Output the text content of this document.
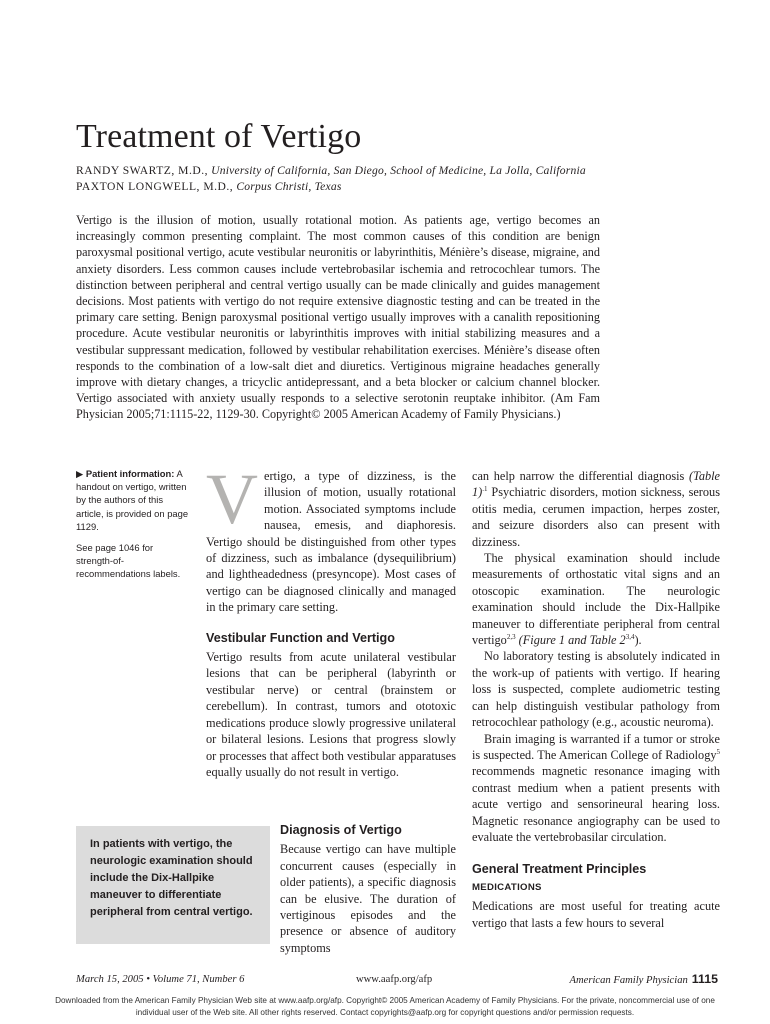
Treatment of Vertigo
RANDY SWARTZ, M.D., University of California, San Diego, School of Medicine, La Jolla, California
PAXTON LONGWELL, M.D., Corpus Christi, Texas

Vertigo is the illusion of motion, usually rotational motion. As patients age, vertigo becomes an increasingly common presenting complaint. The most common causes of this condition are benign paroxysmal positional vertigo, acute vestibular neuronitis or labyrinthitis, Ménière’s disease, migraine, and anxiety disorders. Less common causes include vertebrobasilar ischemia and retrocochlear tumors. The distinction between peripheral and central vertigo usually can be made clinically and guides management decisions. Most patients with vertigo do not require extensive diagnostic testing and can be treated in the primary care setting. Benign paroxysmal positional vertigo usually improves with a canalith repositioning procedure. Acute vestibular neuronitis or labyrinthitis improves with initial stabilizing measures and a vestibular suppressant medication, followed by vestibular rehabilitation exercises. Ménière’s disease often responds to the combination of a low-salt diet and diuretics. Vertiginous migraine headaches generally improve with dietary changes, a tricyclic antidepressant, and a beta blocker or calcium channel blocker. Vertigo associated with anxiety usually responds to a selective serotonin reuptake inhibitor. (Am Fam Physician 2005;71:1115-22, 1129-30. Copyright© 2005 American Academy of Family Physicians.)

▶ Patient information: A handout on vertigo, written by the authors of this article, is provided on page 1129.

See page 1046 for strength-of-recommendations labels.

Vertigo, a type of dizziness, is the illusion of motion, usually rotational motion. Associated symptoms include nausea, emesis, and diaphoresis. Vertigo should be distinguished from other types of dizziness, such as imbalance (dysequilibrium) and lightheadedness (presyncope). Most cases of vertigo can be diagnosed clinically and managed in the primary care setting.

Vestibular Function and Vertigo

Vertigo results from acute unilateral vestibular lesions that can be peripheral (labyrinth or vestibular nerve) or central (brainstem or cerebellum). In contrast, tumors and ototoxic medications produce slowly progressive unilateral or bilateral lesions. Lesions that progress slowly or processes that affect both vestibular apparatuses equally usually do not result in vertigo.

In patients with vertigo, the neurologic examination should include the Dix-Hallpike maneuver to differentiate peripheral from central vertigo.
Diagnosis of Vertigo

Because vertigo can have multiple concurrent causes (especially in older patients), a specific diagnosis can be elusive. The duration of vertiginous episodes and the presence or absence of auditory symptoms

can help narrow the differential diagnosis (Table 1)$^{.1}$ Psychiatric disorders, motion sickness, serous otitis media, cerumen impaction, herpes zoster, and seizure disorders also can present with dizziness.

The physical examination should include measurements of orthostatic vital signs and an otoscopic examination. The neurologic examination should include the Dix-Hallpike maneuver to differentiate peripheral from central vertigo$^{2,3}$ (Figure 1 and Table 2$^{3,4}$).

No laboratory testing is absolutely indicated in the work-up of patients with vertigo. If hearing loss is suspected, complete audiometric testing can help distinguish vestibular pathology from retrocochlear pathology (e.g., acoustic neuroma).

Brain imaging is warranted if a tumor or stroke is suspected. The American College of Radiology$^5$ recommends magnetic resonance imaging with contrast medium when a patient presents with acute vertigo and sensorineural hearing loss. Magnetic resonance angiography can be used to evaluate the vertebrobasilar circulation.

General Treatment Principles
MEDICATIONS

Medications are most useful for treating acute vertigo that lasts a few hours to several

March 15, 2005 • Volume 71, Number 6	www.aafp.org/afp	American Family Physician 1115

Downloaded from the American Family Physician Web site at www.aafp.org/afp. Copyright© 2005 American Academy of Family Physicians. For the private, noncommercial use of one individual user of the Web site. All other rights reserved. Contact copyrights@aafp.org for copyright questions and/or permission requests.
